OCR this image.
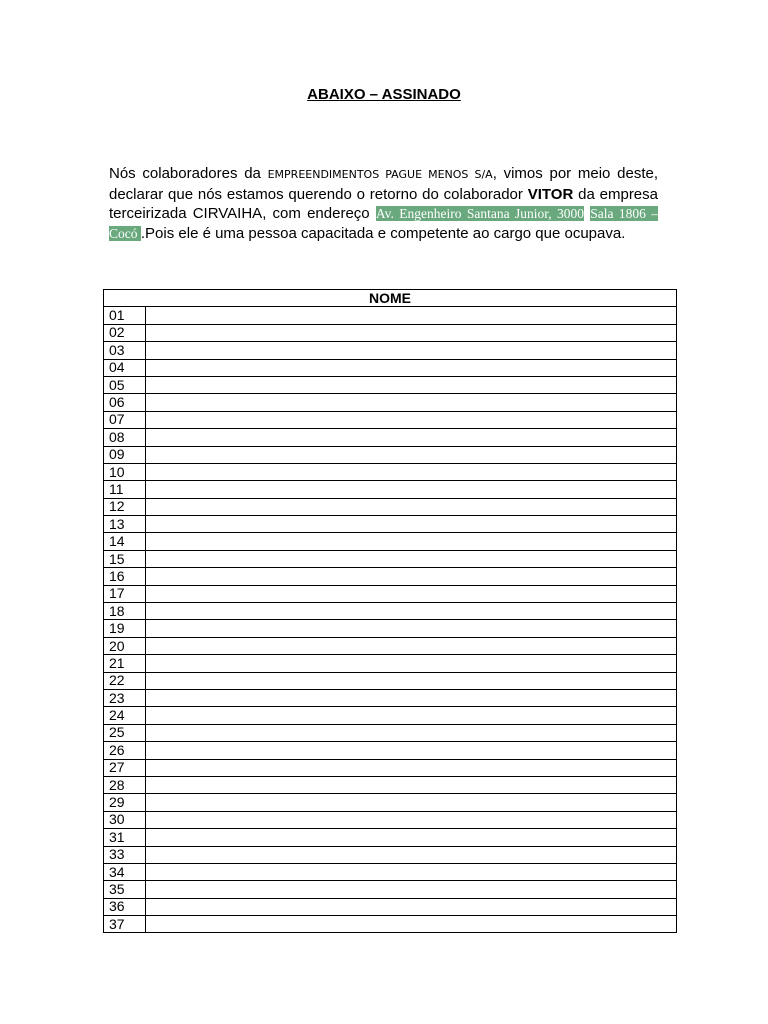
ABAIXO – ASSINADO

Nós colaboradores da EMPREENDIMENTOS PAGUE MENOS S/A, vimos por meio deste, declarar que nós estamos querendo o retorno do colaborador VITOR da empresa terceirizada CIRVAIHA, com endereço Av. Engenheiro Santana Junior, 3000 Sala 1806 – Cocó .Pois ele é uma pessoa capacitada e competente ao cargo que ocupava.

NOME	
01	
02	
03	
04	
05	
06	
07	
08	
09	
10	
11	
12	
13	
14	
15	
16	
17	
18	
19	
20	
21	
22	
23	
24	
25	
26	
27	
28	
29	
30	
31	
33	
34	
35	
36	
37	
